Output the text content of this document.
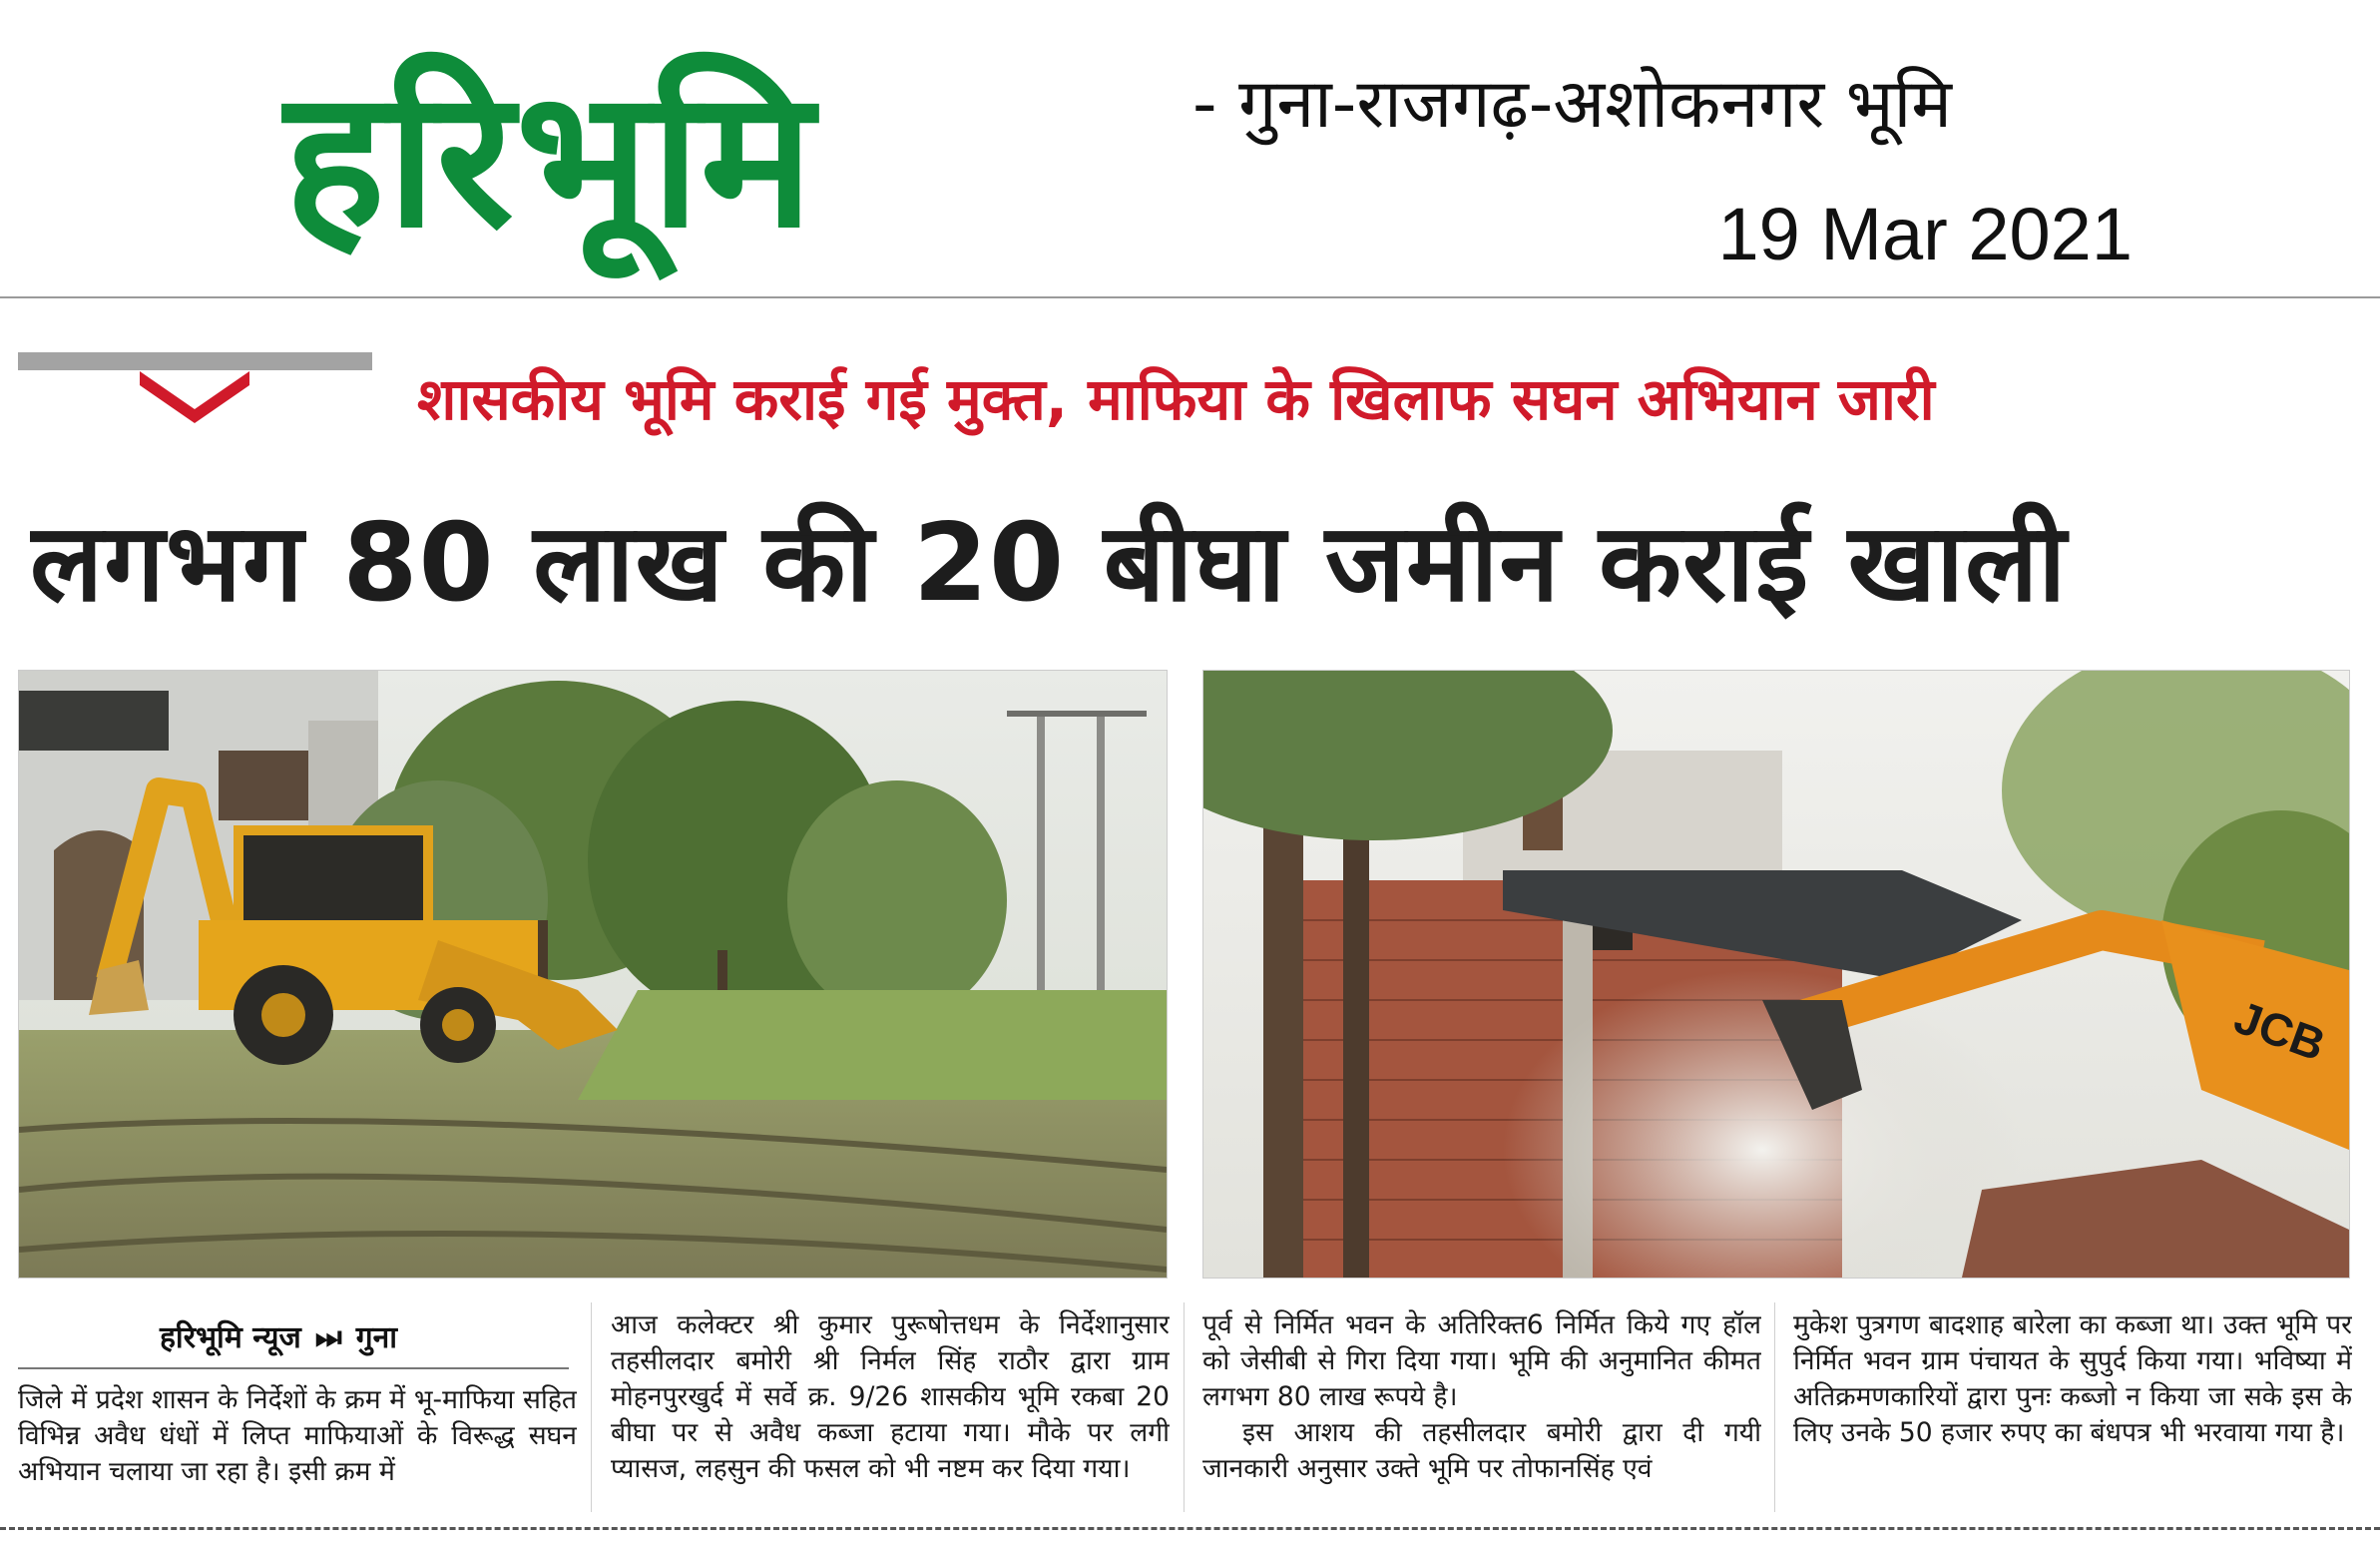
हरिभूमि	- गुना-राजगढ़-अशोकनगर भूमि
19 Mar 2021
शासकीय भूमि कराई गई मुक्त, माफिया के खिलाफ सघन अभियान जारी
लगभग 80 लाख की 20 बीघा जमीन कराई खाली
JCB
हरिभूमि न्यूज ⏭ गुना

जिले में प्रदेश शासन के निर्देशों के क्रम में भू-माफिया सहित विभिन्न अवैध धंधों में लिप्त माफियाओं के विरूद्ध सघन अभियान चलाया जा रहा है। इसी क्रम में

आज कलेक्टर श्री कुमार पुरूषोत्तधम के निर्देशानुसार तहसीलदार बमोरी श्री निर्मल सिंह राठौर द्वारा ग्राम मोहनपुरखुर्द में सर्वे क्र. 9/26 शासकीय भूमि रकबा 20 बीघा पर से अवैध कब्जा हटाया गया। मौके पर लगी प्यासज, लहसुन की फसल को भी नष्टम कर दिया गया।

पूर्व से निर्मित भवन के अतिरिक्त6 निर्मित किये गए हॉल को जेसीबी से गिरा दिया गया। भूमि की अनुमानित कीमत लगभग 80 लाख रूपये है।

इस आशय की तहसीलदार बमोरी द्वारा दी गयी जानकारी अनुसार उक्ते भूमि पर तोफानसिंह एवं

मुकेश पुत्रगण बादशाह बारेला का कब्जा था। उक्त भूमि पर निर्मित भवन ग्राम पंचायत के सुपुर्द किया गया। भविष्या में अतिक्रमणकारियों द्वारा पुनः कब्जो न किया जा सके इस के लिए उनके 50 हजार रुपए का बंधपत्र भी भरवाया गया है।
